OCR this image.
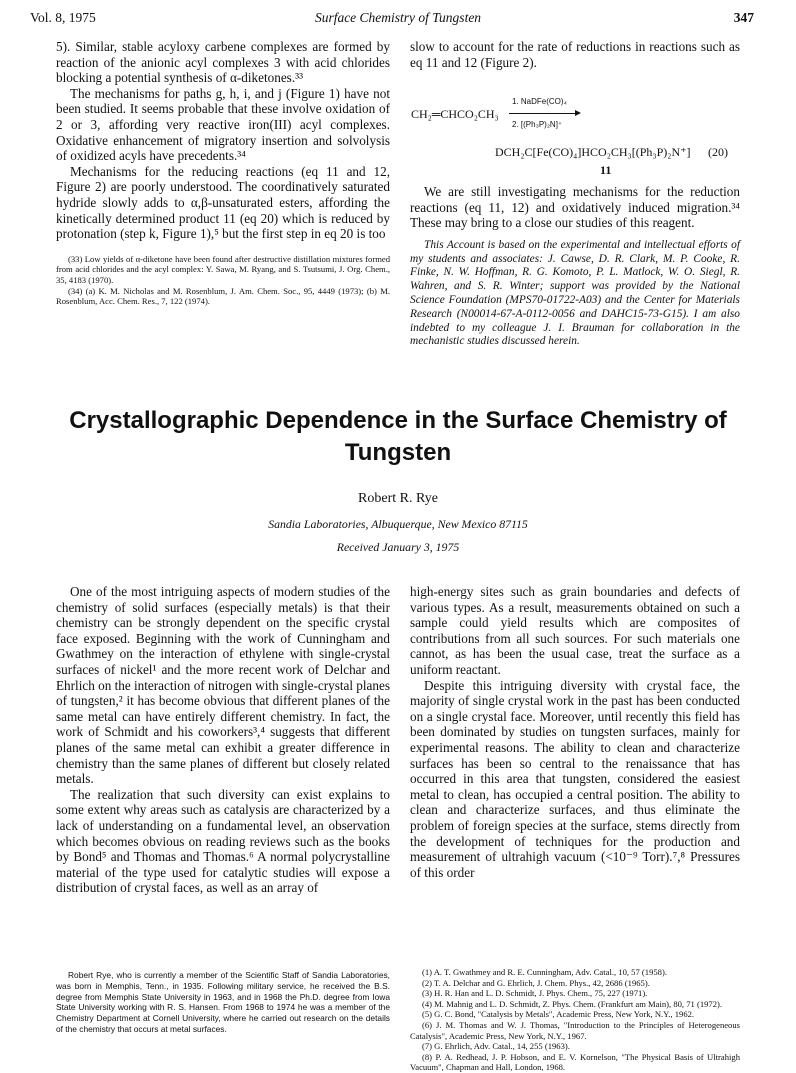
Vol. 8, 1975	Surface Chemistry of Tungsten	347

5). Similar, stable acyloxy carbene complexes are formed by reaction of the anionic acyl complexes 3 with acid chlorides blocking a potential synthesis of α-diketones.³³

The mechanisms for paths g, h, i, and j (Figure 1) have not been studied. It seems probable that these involve oxidation of 2 or 3, affording very reactive iron(III) acyl complexes. Oxidative enhancement of migratory insertion and solvolysis of oxidized acyls have precedents.³⁴

Mechanisms for the reducing reactions (eq 11 and 12, Figure 2) are poorly understood. The coordinatively saturated hydride slowly adds to α,β-unsaturated esters, affording the kinetically determined product 11 (eq 20) which is reduced by protonation (step k, Figure 1),⁵ but the first step in eq 20 is too

(33) Low yields of α-diketone have been found after destructive distillation mixtures formed from acid chlorides and the acyl complex: Y. Sawa, M. Ryang, and S. Tsutsumi, J. Org. Chem., 35, 4183 (1970).

(34) (a) K. M. Nicholas and M. Rosenblum, J. Am. Chem. Soc., 95, 4449 (1973); (b) M. Rosenblum, Acc. Chem. Res., 7, 122 (1974).

slow to account for the rate of reductions in reactions such as eq 11 and 12 (Figure 2).

CH₂═CHCO₂CH₃
1. NaDFe(CO)₄
2. [(Ph₃P)₂N]⁺
DCH₂C[Fe(CO)₄]HCO₂CH₃[(Ph₃P)₂N⁺] (20)
11

We are still investigating mechanisms for the reduction reactions (eq 11, 12) and oxidatively induced migration.³⁴ These may bring to a close our studies of this reagent.

This Account is based on the experimental and intellectual efforts of my students and associates: J. Cawse, D. R. Clark, M. P. Cooke, R. Finke, N. W. Hoffman, R. G. Komoto, P. L. Matlock, W. O. Siegl, R. Wahren, and S. R. Winter; support was provided by the National Science Foundation (MPS70-01722-A03) and the Center for Materials Research (N00014-67-A-0112-0056 and DAHC15-73-G15). I am also indebted to my colleague J. I. Brauman for collaboration in the mechanistic studies discussed herein.

Crystallographic Dependence in the Surface Chemistry of
Tungsten
Robert R. Rye
Sandia Laboratories, Albuquerque, New Mexico 87115
Received January 3, 1975

One of the most intriguing aspects of modern studies of the chemistry of solid surfaces (especially metals) is that their chemistry can be strongly dependent on the specific crystal face exposed. Beginning with the work of Cunningham and Gwathmey on the interaction of ethylene with single-crystal surfaces of nickel¹ and the more recent work of Delchar and Ehrlich on the interaction of nitrogen with single-crystal planes of tungsten,² it has become obvious that different planes of the same metal can have entirely different chemistry. In fact, the work of Schmidt and his coworkers³,⁴ suggests that different planes of the same metal can exhibit a greater difference in chemistry than the same planes of different but closely related metals.

The realization that such diversity can exist explains to some extent why areas such as catalysis are characterized by a lack of understanding on a fundamental level, an observation which becomes obvious on reading reviews such as the books by Bond⁵ and Thomas and Thomas.⁶ A normal polycrystalline material of the type used for catalytic studies will expose a distribution of crystal faces, as well as an array of

Robert Rye, who is currently a member of the Scientific Staff of Sandia Laboratories, was born in Memphis, Tenn., in 1935. Following military service, he received the B.S. degree from Memphis State University in 1963, and in 1968 the Ph.D. degree from Iowa State University working with R. S. Hansen. From 1968 to 1974 he was a member of the Chemistry Department at Cornell University, where he carried out research on the details of the chemistry that occurs at metal surfaces.

high-energy sites such as grain boundaries and defects of various types. As a result, measurements obtained on such a sample could yield results which are composites of contributions from all such sources. For such materials one cannot, as has been the usual case, treat the surface as a uniform reactant.

Despite this intriguing diversity with crystal face, the majority of single crystal work in the past has been conducted on a single crystal face. Moreover, until recently this field has been dominated by studies on tungsten surfaces, mainly for experimental reasons. The ability to clean and characterize surfaces has been so central to the renaissance that has occurred in this area that tungsten, considered the easiest metal to clean, has occupied a central position. The ability to clean and characterize surfaces, and thus eliminate the problem of foreign species at the surface, stems directly from the development of techniques for the production and measurement of ultrahigh vacuum (<10⁻⁹ Torr).⁷,⁸ Pressures of this order

(1) A. T. Gwathmey and R. E. Cunningham, Adv. Catal., 10, 57 (1958).

(2) T. A. Delchar and G. Ehrlich, J. Chem. Phys., 42, 2686 (1965).

(3) H. R. Han and L. D. Schmidt, J. Phys. Chem., 75, 227 (1971).

(4) M. Mahnig and L. D. Schmidt, Z. Phys. Chem. (Frankfurt am Main), 80, 71 (1972).

(5) G. C. Bond, "Catalysis by Metals", Academic Press, New York, N.Y., 1962.

(6) J. M. Thomas and W. J. Thomas, "Introduction to the Principles of Heterogeneous Catalysis", Academic Press, New York, N.Y., 1967.

(7) G. Ehrlich, Adv. Catal., 14, 255 (1963).

(8) P. A. Redhead, J. P. Hobson, and E. V. Kornelson, "The Physical Basis of Ultrahigh Vacuum", Chapman and Hall, London, 1968.
